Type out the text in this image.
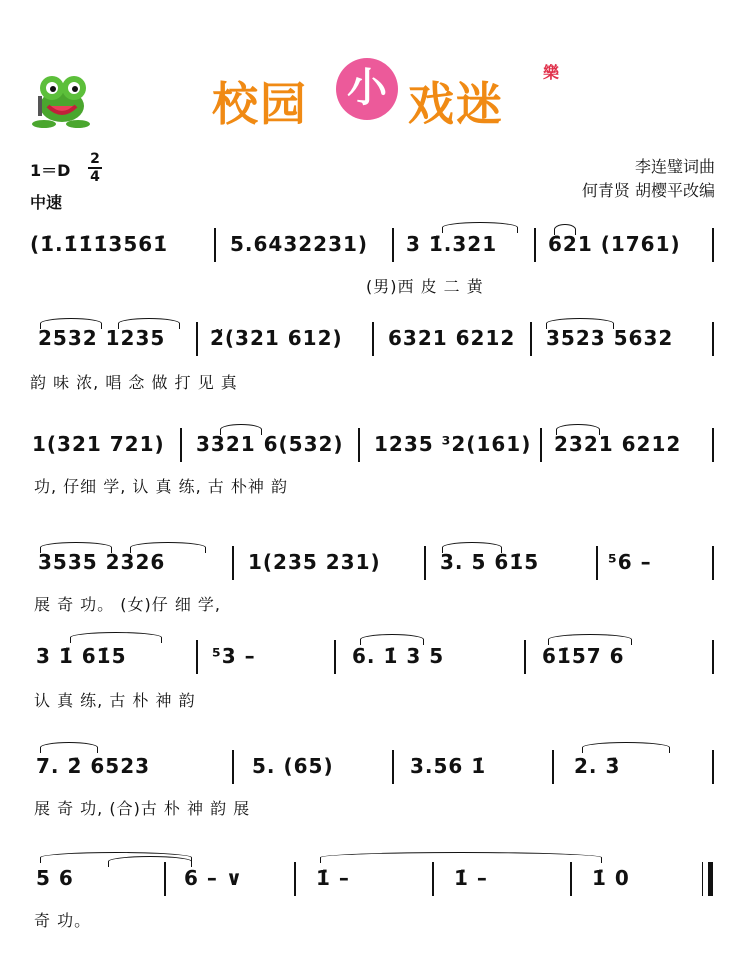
校园 小 戏迷
樂
1＝D
2
4
中速
李连璧词曲
何青贤 胡樱平改编
(1̇.1̇1̇1̇3561̇	5.6432231) 3 1̇.321	6̇21 (1761)
(男)西 皮 二 黄
2532 1235 2̃(321 612) 6321 6212 3523 5632
韵 味 浓, 唱 念 做 打 见 真
1(321 721) 3321 6(532) 1235 ³2(161) 2321 6212
功, 仔细 学, 认 真 练, 古 朴神 韵
3535 2326	1(235 231)	3. 5 61̇5	⁵6 –
展 奇 功。 (女)仔 细 学,
3 1̇ 61̇5	⁵3 –	6. 1̇ 3 5	61̇57 6
认 真 练, 古 朴 神 韵
7. 2̇ 6523	5. (65)	3.56 1̇	2. 3̇
展 奇 功, (合)古 朴 神 韵 展
5 6	6 – ∨	1̇ –	1̇ –	1̇ 0
奇 功。
